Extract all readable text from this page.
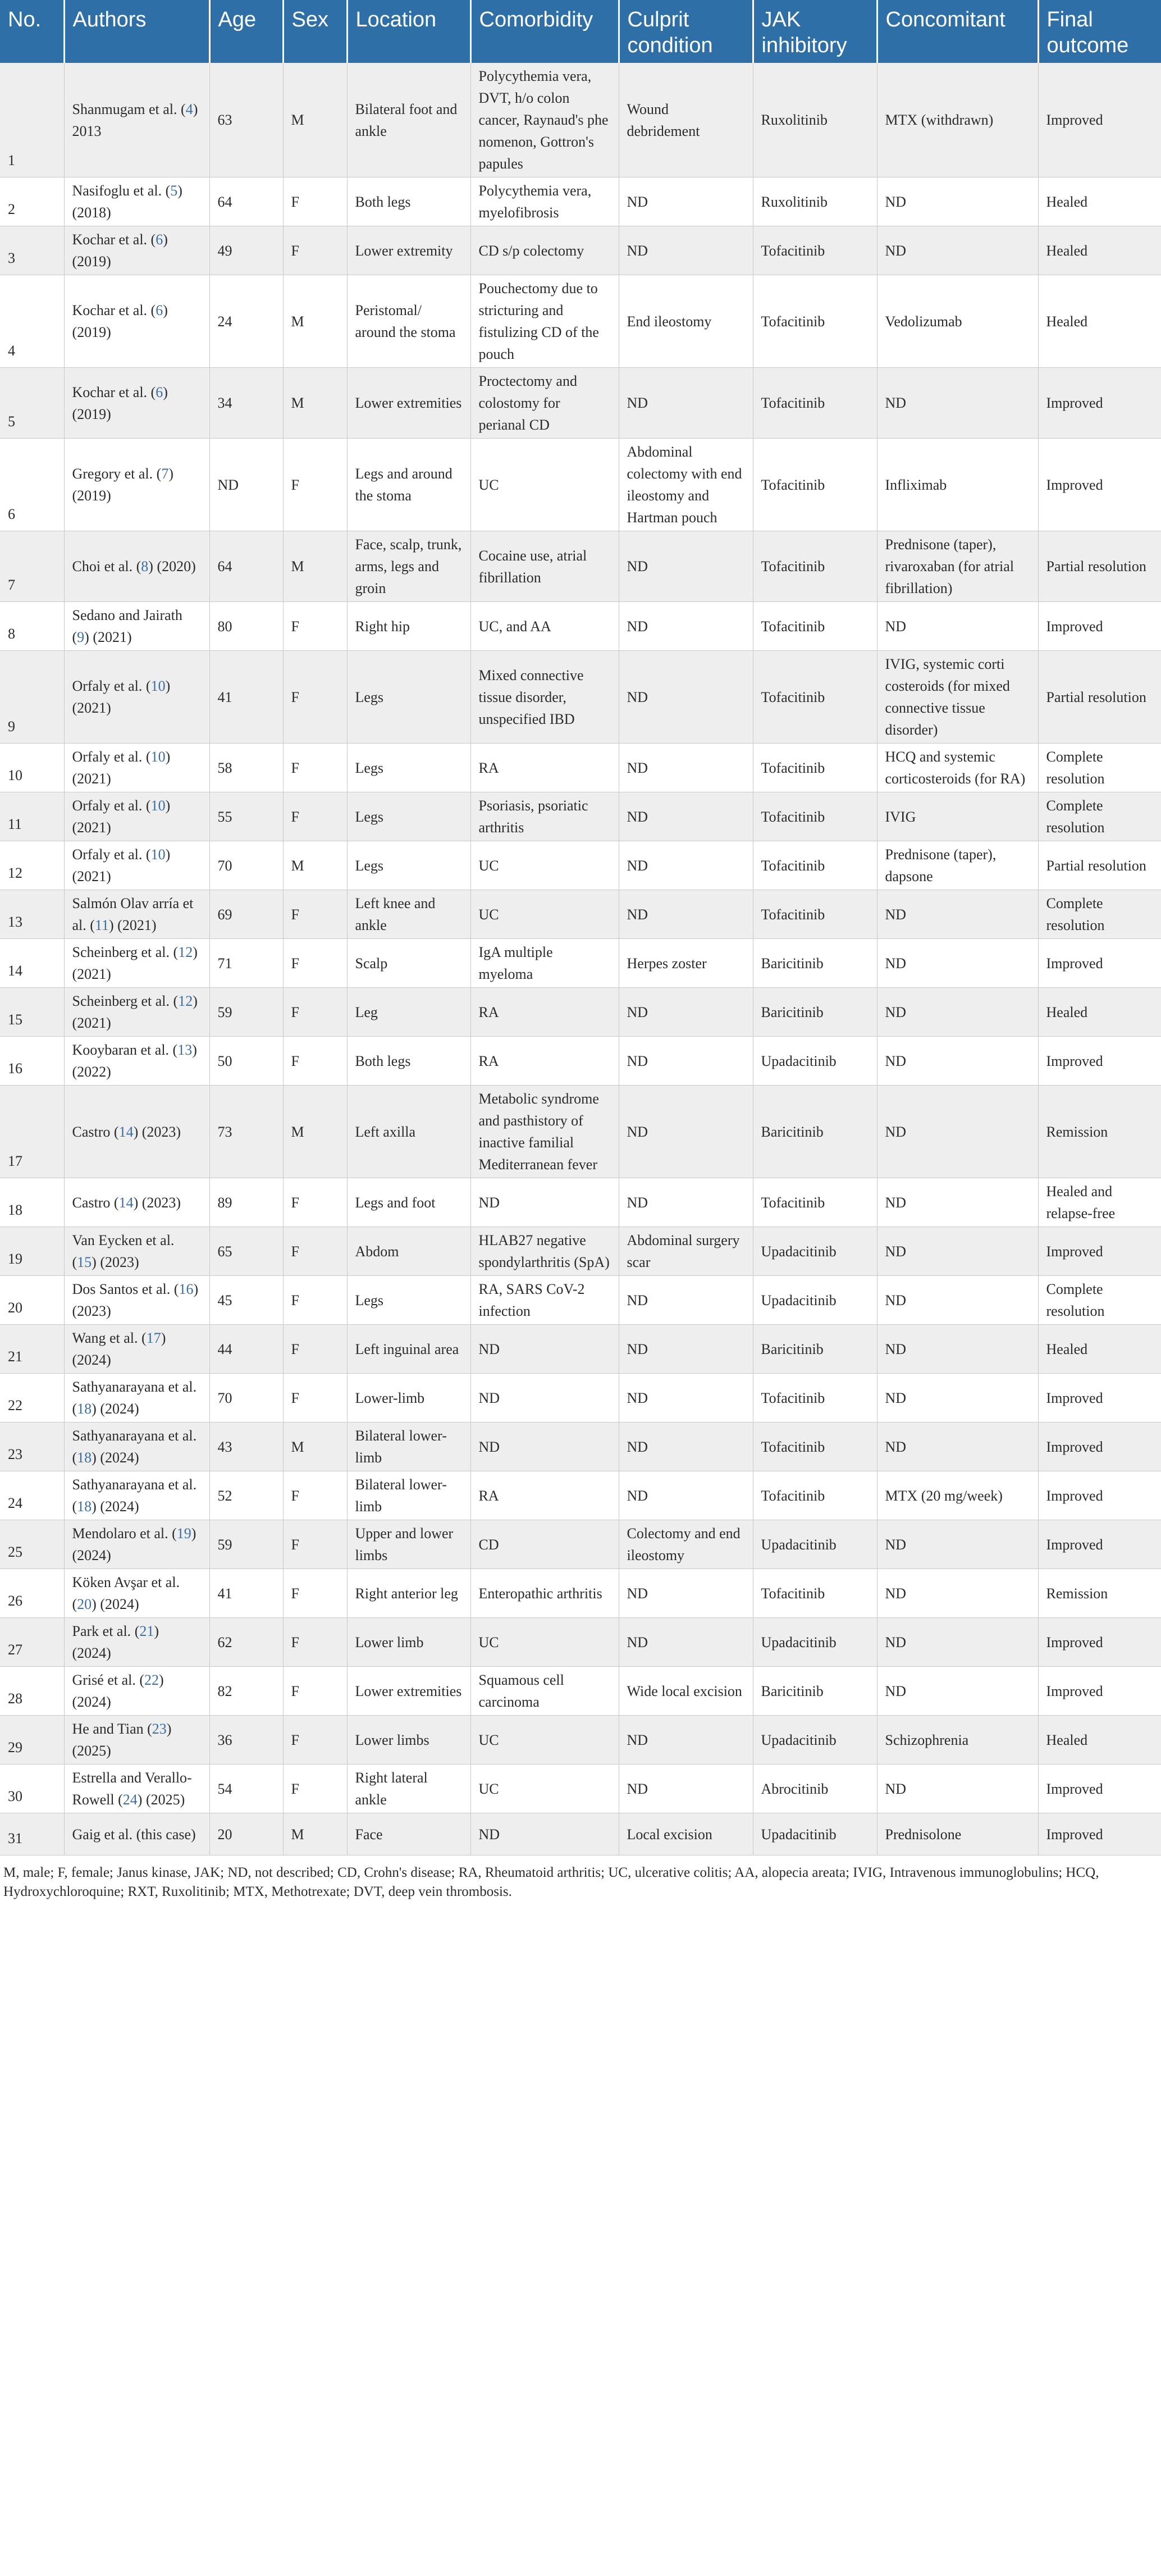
No.	Authors	Age	Sex	Location	Comorbidity	Culprit condition	JAK inhibitory	Concomitant	Final outcome
1	Shanmugam et al. (4) 2013	63	M	Bilateral foot and ankle	Polycythemia vera, DVT, h/o colon cancer, Raynaud's phe nomenon, Gottron's papules	Wound debridement	Ruxolitinib	MTX (withdrawn)	Improved
2	Nasifoglu et al. (5) (2018)	64	F	Both legs	Polycythemia vera, myelofibrosis	ND	Ruxolitinib	ND	Healed
3	Kochar et al. (6) (2019)	49	F	Lower extremity	CD s/p colectomy	ND	Tofacitinib	ND	Healed
4	Kochar et al. (6) (2019)	24	M	Peristomal/ around the stoma	Pouchectomy due to stricturing and fistulizing CD of the pouch	End ileostomy	Tofacitinib	Vedolizumab	Healed
5	Kochar et al. (6) (2019)	34	M	Lower extremities	Proctectomy and colostomy for perianal CD	ND	Tofacitinib	ND	Improved
6	Gregory et al. (7) (2019)	ND	F	Legs and around the stoma	UC	Abdominal colectomy with end ileostomy and Hartman pouch	Tofacitinib	Infliximab	Improved
7	Choi et al. (8) (2020)	64	M	Face, scalp, trunk, arms, legs and groin	Cocaine use, atrial fibrillation	ND	Tofacitinib	Prednisone (taper), rivaroxaban (for atrial fibrillation)	Partial resolution
8	Sedano and Jairath (9) (2021)	80	F	Right hip	UC, and AA	ND	Tofacitinib	ND	Improved
9	Orfaly et al. (10) (2021)	41	F	Legs	Mixed connective tissue disorder, unspecified IBD	ND	Tofacitinib	IVIG, systemic corti costeroids (for mixed connective tissue disorder)	Partial resolution
10	Orfaly et al. (10) (2021)	58	F	Legs	RA	ND	Tofacitinib	HCQ and systemic corticosteroids (for RA)	Complete resolution
11	Orfaly et al. (10) (2021)	55	F	Legs	Psoriasis, psoriatic arthritis	ND	Tofacitinib	IVIG	Complete resolution
12	Orfaly et al. (10) (2021)	70	M	Legs	UC	ND	Tofacitinib	Prednisone (taper), dapsone	Partial resolution
13	Salmón Olav arría et al. (11) (2021)	69	F	Left knee and ankle	UC	ND	Tofacitinib	ND	Complete resolution
14	Scheinberg et al. (12) (2021)	71	F	Scalp	IgA multiple myeloma	Herpes zoster	Baricitinib	ND	Improved
15	Scheinberg et al. (12) (2021)	59	F	Leg	RA	ND	Baricitinib	ND	Healed
16	Kooybaran et al. (13) (2022)	50	F	Both legs	RA	ND	Upadacitinib	ND	Improved
17	Castro (14) (2023)	73	M	Left axilla	Metabolic syndrome and pasthistory of inactive familial Mediterranean fever	ND	Baricitinib	ND	Remission
18	Castro (14) (2023)	89	F	Legs and foot	ND	ND	Tofacitinib	ND	Healed and relapse-free
19	Van Eycken et al. (15) (2023)	65	F	Abdom	HLAB27 negative spondylarthritis (SpA)	Abdominal surgery scar	Upadacitinib	ND	Improved
20	Dos Santos et al. (16) (2023)	45	F	Legs	RA, SARS CoV-2 infection	ND	Upadacitinib	ND	Complete resolution
21	Wang et al. (17) (2024)	44	F	Left inguinal area	ND	ND	Baricitinib	ND	Healed
22	Sathyanarayana et al. (18) (2024)	70	F	Lower-limb	ND	ND	Tofacitinib	ND	Improved
23	Sathyanarayana et al. (18) (2024)	43	M	Bilateral lower-limb	ND	ND	Tofacitinib	ND	Improved
24	Sathyanarayana et al. (18) (2024)	52	F	Bilateral lower-limb	RA	ND	Tofacitinib	MTX (20 mg/week)	Improved
25	Mendolaro et al. (19) (2024)	59	F	Upper and lower limbs	CD	Colectomy and end ileostomy	Upadacitinib	ND	Improved
26	Köken Avşar et al. (20) (2024)	41	F	Right anterior leg	Enteropathic arthritis	ND	Tofacitinib	ND	Remission
27	Park et al. (21) (2024)	62	F	Lower limb	UC	ND	Upadacitinib	ND	Improved
28	Grisé et al. (22) (2024)	82	F	Lower extremities	Squamous cell carcinoma	Wide local excision	Baricitinib	ND	Improved
29	He and Tian (23) (2025)	36	F	Lower limbs	UC	ND	Upadacitinib	Schizophrenia	Healed
30	Estrella and Verallo-Rowell (24) (2025)	54	F	Right lateral ankle	UC	ND	Abrocitinib	ND	Improved
31	Gaig et al. (this case)	20	M	Face	ND	Local excision	Upadacitinib	Prednisolone	Improved
M, male; F, female; Janus kinase, JAK; ND, not described; CD, Crohn's disease; RA, Rheumatoid arthritis; UC, ulcerative colitis; AA, alopecia areata; IVIG, Intravenous immunoglobulins; HCQ, Hydroxychloroquine; RXT, Ruxolitinib; MTX, Methotrexate; DVT, deep vein thrombosis.
